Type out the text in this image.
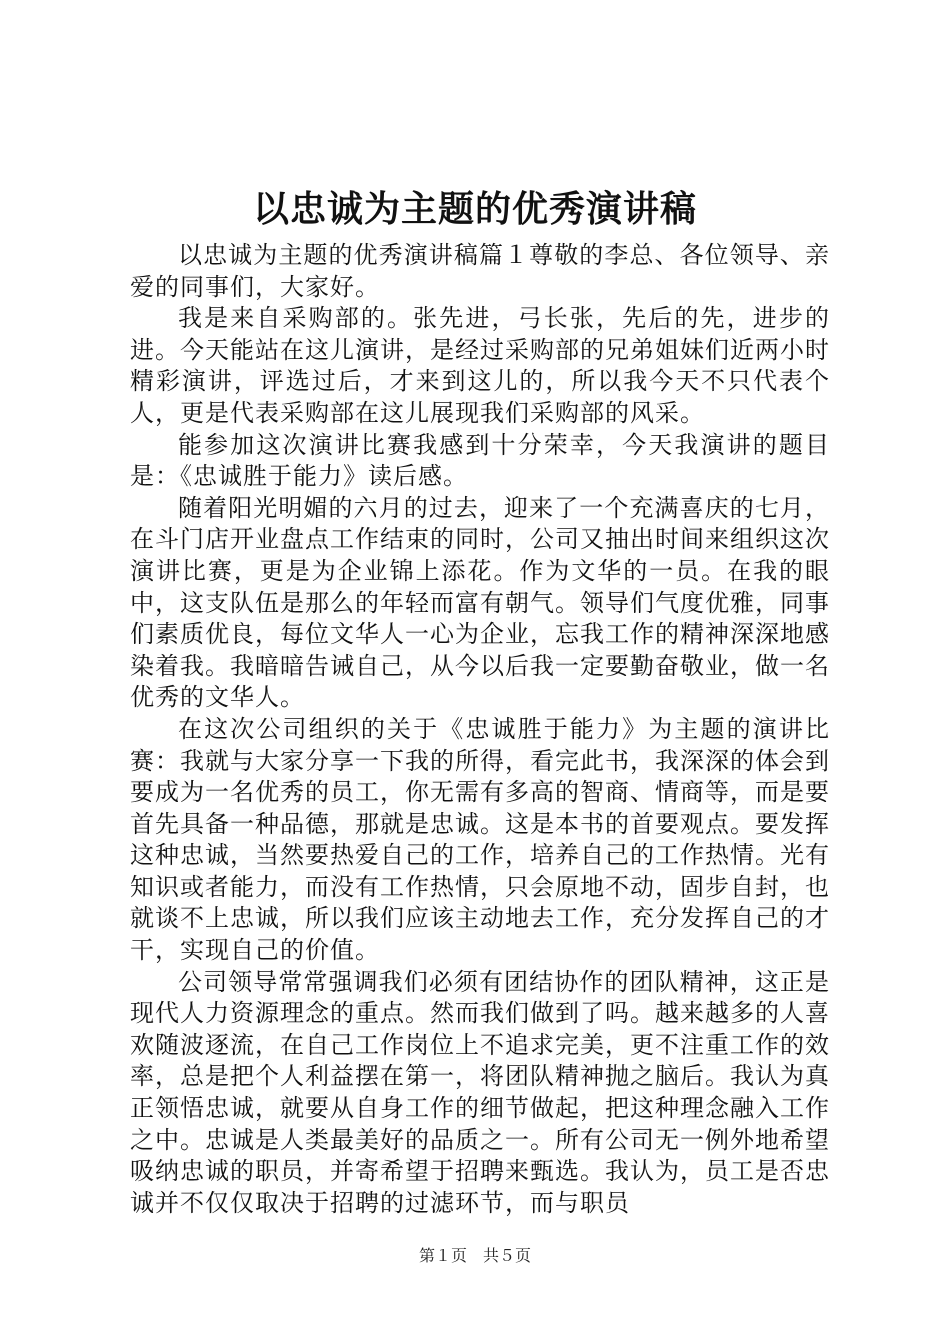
以忠诚为主题的优秀演讲稿

以忠诚为主题的优秀演讲稿篇１尊敬的李总、各位领导、亲爱的同事们，大家好。

我是来自采购部的。张先进，弓长张，先后的先，进步的进。今天能站在这儿演讲，是经过采购部的兄弟姐妹们近两小时精彩演讲，评选过后，才来到这儿的，所以我今天不只代表个人，更是代表采购部在这儿展现我们采购部的风采。

能参加这次演讲比赛我感到十分荣幸，今天我演讲的题目是：《忠诚胜于能力》读后感。

随着阳光明媚的六月的过去，迎来了一个充满喜庆的七月，在斗门店开业盘点工作结束的同时，公司又抽出时间来组织这次演讲比赛，更是为企业锦上添花。作为文华的一员。在我的眼中，这支队伍是那么的年轻而富有朝气。领导们气度优雅，同事们素质优良，每位文华人一心为企业，忘我工作的精神深深地感染着我。我暗暗告诫自己，从今以后我一定要勤奋敬业，做一名优秀的文华人。

在这次公司组织的关于《忠诚胜于能力》为主题的演讲比赛：我就与大家分享一下我的所得，看完此书，我深深的体会到要成为一名优秀的员工，你无需有多高的智商、情商等，而是要首先具备一种品德，那就是忠诚。这是本书的首要观点。要发挥这种忠诚，当然要热爱自己的工作，培养自己的工作热情。光有知识或者能力，而没有工作热情，只会原地不动，固步自封，也就谈不上忠诚，所以我们应该主动地去工作，充分发挥自己的才干，实现自己的价值。

公司领导常常强调我们必须有团结协作的团队精神，这正是现代人力资源理念的重点。然而我们做到了吗。越来越多的人喜欢随波逐流，在自己工作岗位上不追求完美，更不注重工作的效率，总是把个人利益摆在第一，将团队精神抛之脑后。我认为真正领悟忠诚，就要从自身工作的细节做起，把这种理念融入工作之中。忠诚是人类最美好的品质之一。所有公司无一例外地希望吸纳忠诚的职员，并寄希望于招聘来甄选。我认为，员工是否忠诚并不仅仅取决于招聘的过滤环节，而与职员

第１页　共５页
